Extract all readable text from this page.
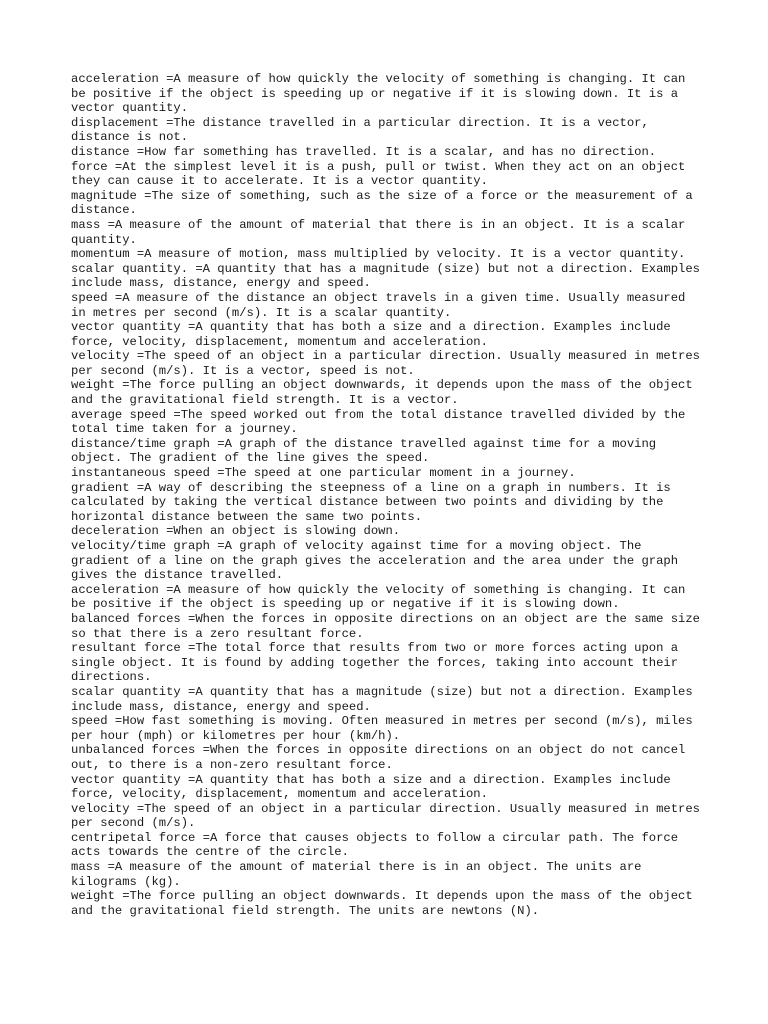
acceleration =A measure of how quickly the velocity of something is changing. It can be positive if the object is speeding up or negative if it is slowing down. It is a vector quantity.
displacement =The distance travelled in a particular direction. It is a vector, distance is not.
distance =How far something has travelled. It is a scalar, and has no direction.
force =At the simplest level it is a push, pull or twist. When they act on an object they can cause it to accelerate. It is a vector quantity.
magnitude =The size of something, such as the size of a force or the measurement of a distance.
mass =A measure of the amount of material that there is in an object. It is a scalar quantity.
momentum =A measure of motion, mass multiplied by velocity. It is a vector quantity.
scalar quantity. =A quantity that has a magnitude (size) but not a direction. Examples include mass, distance, energy and speed.
speed =A measure of the distance an object travels in a given time. Usually measured in metres per second (m/s). It is a scalar quantity.
vector quantity =A quantity that has both a size and a direction. Examples include force, velocity, displacement, momentum and acceleration.
velocity =The speed of an object in a particular direction. Usually measured in metres per second (m/s). It is a vector, speed is not.
weight =The force pulling an object downwards, it depends upon the mass of the object and the gravitational field strength. It is a vector.
average speed =The speed worked out from the total distance travelled divided by the total time taken for a journey.
distance/time graph =A graph of the distance travelled against time for a moving object. The gradient of the line gives the speed.
instantaneous speed =The speed at one particular moment in a journey.
gradient =A way of describing the steepness of a line on a graph in numbers. It is calculated by taking the vertical distance between two points and dividing by the horizontal distance between the same two points.
deceleration =When an object is slowing down.
velocity/time graph =A graph of velocity against time for a moving object. The gradient of a line on the graph gives the acceleration and the area under the graph gives the distance travelled.
acceleration =A measure of how quickly the velocity of something is changing. It can be positive if the object is speeding up or negative if it is slowing down.
balanced forces =When the forces in opposite directions on an object are the same size so that there is a zero resultant force.
resultant force =The total force that results from two or more forces acting upon a single object. It is found by adding together the forces, taking into account their directions.
scalar quantity =A quantity that has a magnitude (size) but not a direction. Examples include mass, distance, energy and speed.
speed =How fast something is moving. Often measured in metres per second (m/s), miles per hour (mph) or kilometres per hour (km/h).
unbalanced forces =When the forces in opposite directions on an object do not cancel out, to there is a non-zero resultant force.
vector quantity =A quantity that has both a size and a direction. Examples include force, velocity, displacement, momentum and acceleration.
velocity =The speed of an object in a particular direction. Usually measured in metres per second (m/s).
centripetal force =A force that causes objects to follow a circular path. The force acts towards the centre of the circle.
mass =A measure of the amount of material there is in an object. The units are kilograms (kg).
weight =The force pulling an object downwards. It depends upon the mass of the object and the gravitational field strength. The units are newtons (N).
